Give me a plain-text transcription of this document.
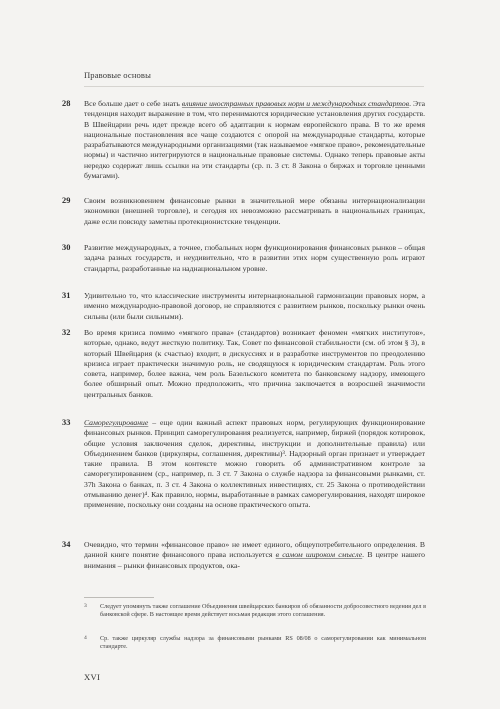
Правовые основы
28 Все больше дает о себе знать влияние иностранных правовых норм и международных стандартов. Эта тенденция находит выражение в том, что перенимаются юридические установления других государств. В Швейцарии речь идет прежде всего об адаптации к нормам европейского права. В то же время национальные постановления все чаще создаются с опорой на международные стандарты, которые разрабатываются международными организациями (так называемое «мягкое право», рекомендательные нормы) и частично интегрируются в национальные правовые системы. Однако теперь правовые акты нередко содержат лишь ссылки на эти стандарты (ср. п. 3 ст. 8 Закона о биржах и торговле ценными бумагами).
29 Своим возникновением финансовые рынки в значительной мере обязаны интернационализации экономики (внешней торговле), и сегодня их невозможно рассматривать в национальных границах, даже если повсюду заметны протекционистские тенденции.
30 Развитие международных, а точнее, глобальных норм функционирования финансовых рынков – общая задача разных государств, и неудивительно, что в развитии этих норм существенную роль играют стандарты, разработанные на наднациональном уровне.
31 Удивительно то, что классические инструменты интернациональной гармонизации правовых норм, а именно международно-правовой договор, не справляются с развитием рынков, поскольку рынки очень сильны (или были сильными).
32 Во время кризиса помимо «мягкого права» (стандартов) возникает феномен «мягких институтов», которые, однако, ведут жесткую политику. Так, Совет по финансовой стабильности (см. об этом § 3), в который Швейцария (к счастью) входит, в дискуссиях и в разработке инструментов по преодолению кризиса играет практически значимую роль, не сводящуюся к юридическим стандартам. Роль этого совета, например, более важна, чем роль Базельского комитета по банковскому надзору, имеющего более обширный опыт. Можно предположить, что причина заключается в возросшей значимости центральных банков.
33 Саморегулирование – еще один важный аспект правовых норм, регулирующих функционирование финансовых рынков. Принцип саморегулирования реализуется, например, биржей (порядок котировок, общие условия заключения сделок, директивы, инструкции и дополнительные правила) или Объединением банков (циркуляры, соглашения, директивы)³. Надзорный орган признает и утверждает такие правила. В этом контексте можно говорить об административном контроле за саморегулированием (ср., например, п. 3 ст. 7 Закона о службе надзора за финансовыми рынками, ст. 37h Закона о банках, п. 3 ст. 4 Закона о коллективных инвестициях, ст. 25 Закона о противодействии отмыванию денег)⁴. Как правило, нормы, выработанные в рамках саморегулирования, находят широкое применение, поскольку они созданы на основе практического опыта.
34 Очевидно, что термин «финансовое право» не имеет единого, общеупотребительного определения. В данной книге понятие финансового права используется в самом широком смысле. В центре нашего внимания – рынки финансовых продуктов, ока-
3 Следует упомянуть также соглашение Объединения швейцарских банкиров об обязанности добросовестного ведения дел в банковской сфере. В настоящее время действует восьмая редакция этого соглашения.
4 Ср. также циркуляр службы надзора за финансовыми рынками RS 08/08 о саморегулировании как минимальном стандарте.
XVI
